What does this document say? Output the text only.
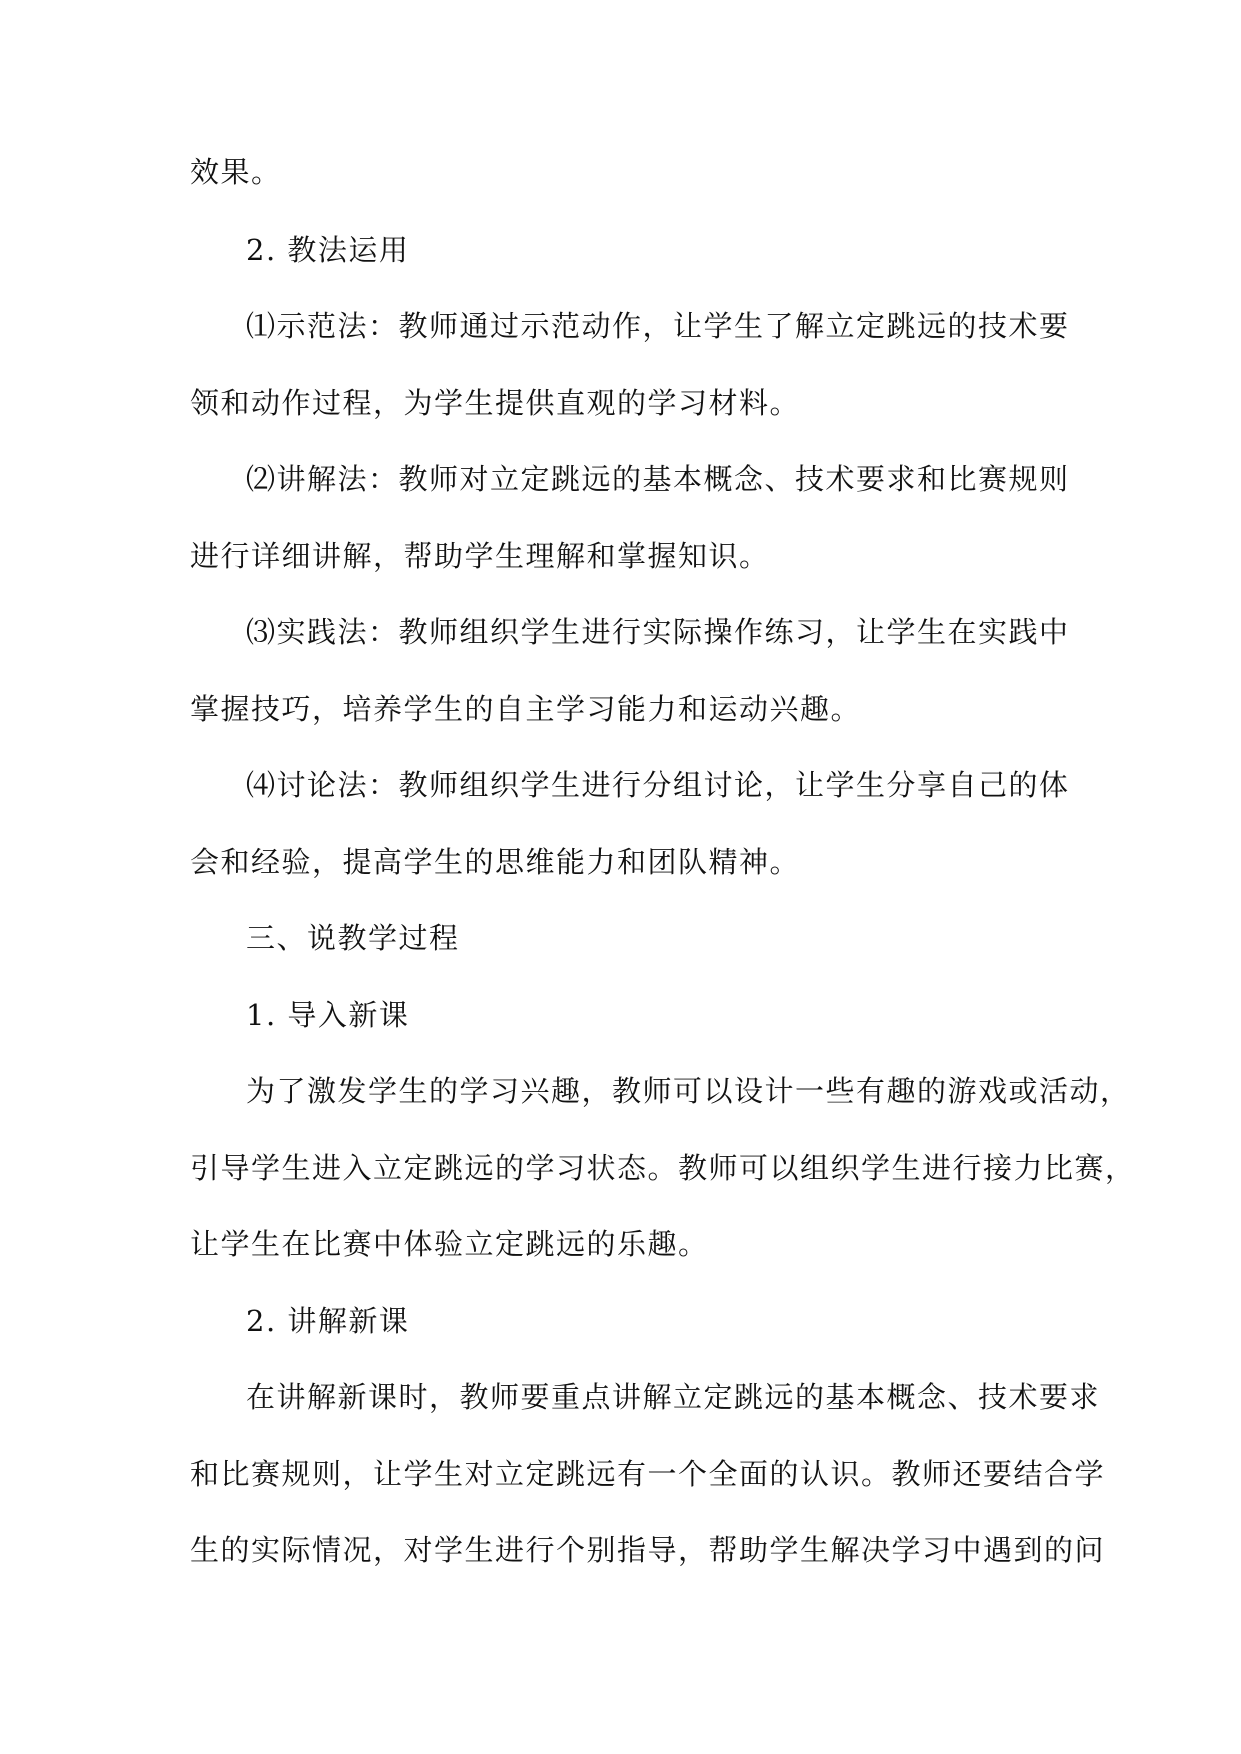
效果。
2. 教法运用
⑴示范法：教师通过示范动作，让学生了解立定跳远的技术要
领和动作过程，为学生提供直观的学习材料。
⑵讲解法：教师对立定跳远的基本概念、技术要求和比赛规则
进行详细讲解，帮助学生理解和掌握知识。
⑶实践法：教师组织学生进行实际操作练习，让学生在实践中
掌握技巧，培养学生的自主学习能力和运动兴趣。
⑷讨论法：教师组织学生进行分组讨论，让学生分享自己的体
会和经验，提高学生的思维能力和团队精神。
三、说教学过程
1. 导入新课
为了激发学生的学习兴趣，教师可以设计一些有趣的游戏或活动，
引导学生进入立定跳远的学习状态。教师可以组织学生进行接力比赛，
让学生在比赛中体验立定跳远的乐趣。
2. 讲解新课
在讲解新课时，教师要重点讲解立定跳远的基本概念、技术要求
和比赛规则，让学生对立定跳远有一个全面的认识。教师还要结合学
生的实际情况，对学生进行个别指导，帮助学生解决学习中遇到的问
